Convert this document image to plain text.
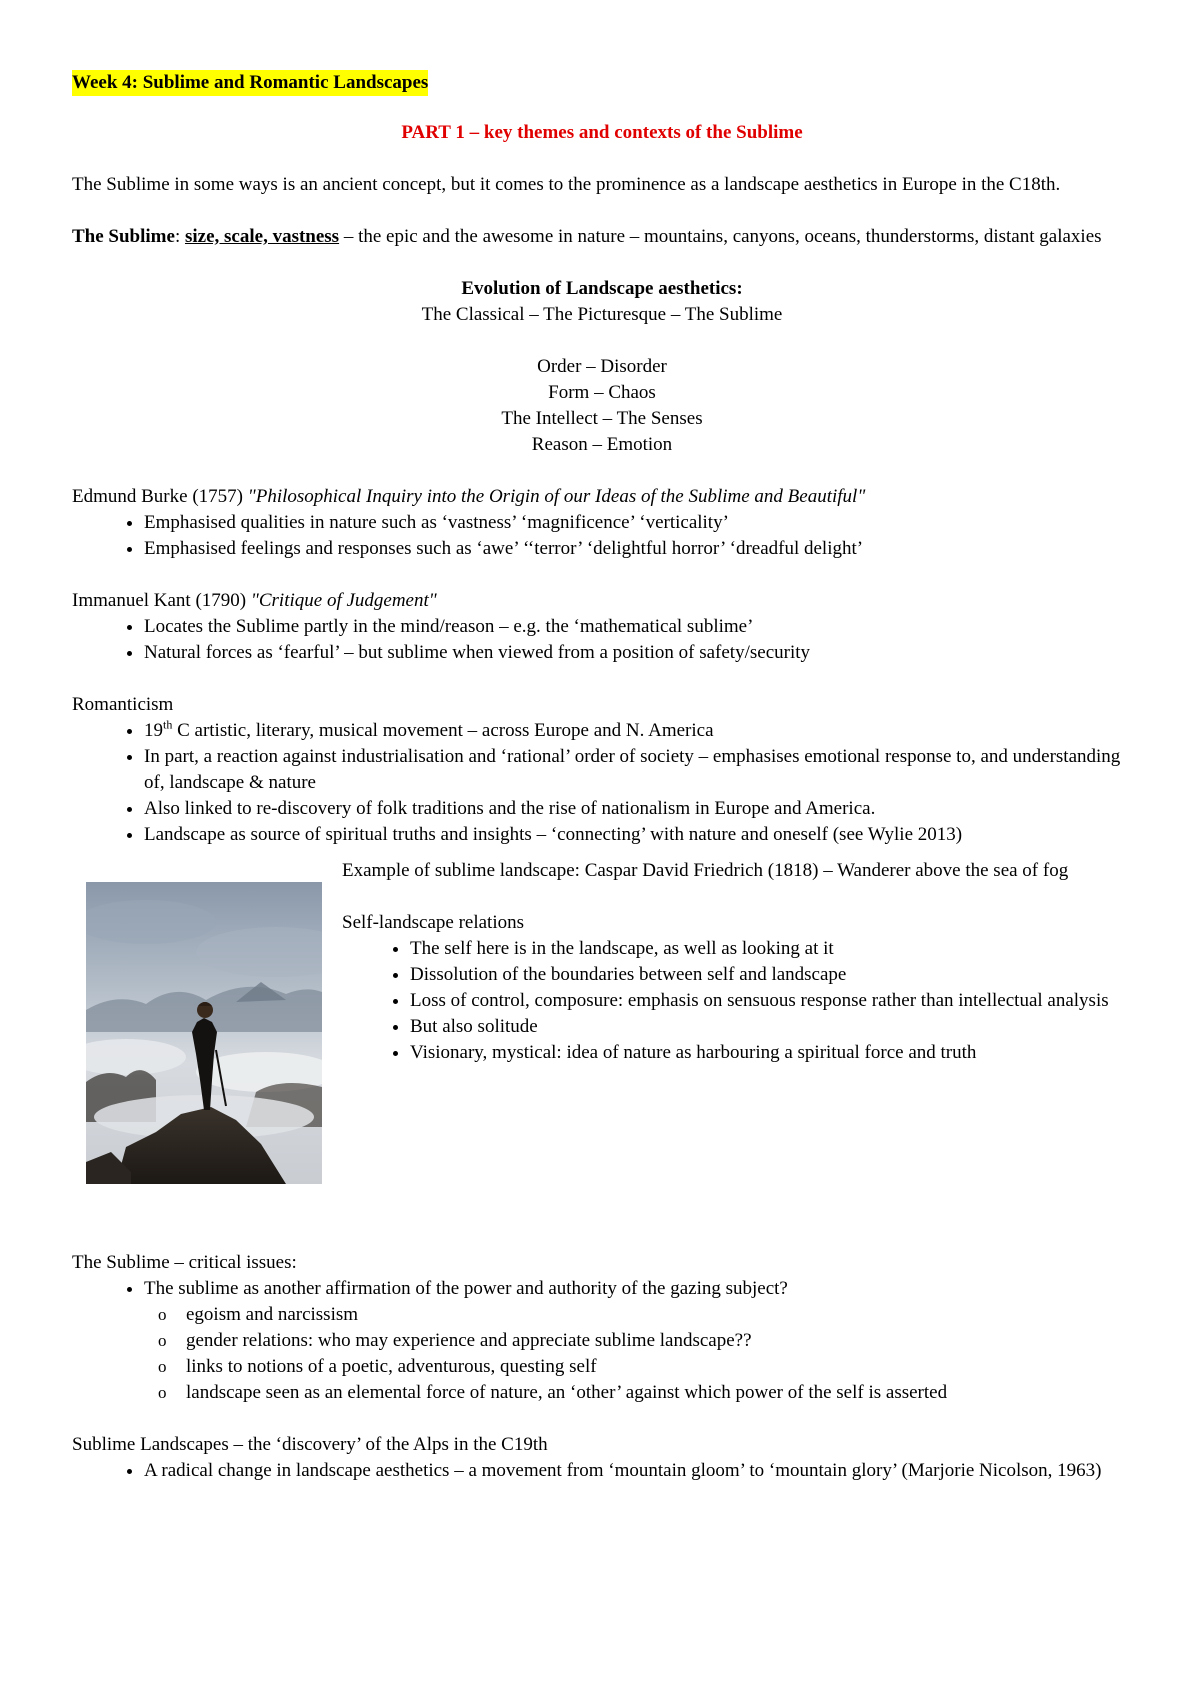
Week 4: Sublime and Romantic Landscapes

PART 1 – key themes and contexts of the Sublime

The Sublime in some ways is an ancient concept, but it comes to the prominence as a landscape aesthetics in Europe in the C18th.

The Sublime: size, scale, vastness – the epic and the awesome in nature – mountains, canyons, oceans, thunderstorms, distant galaxies

Evolution of Landscape aesthetics:

The Classical – The Picturesque – The Sublime

Order – Disorder

Form – Chaos

The Intellect – The Senses

Reason – Emotion

Edmund Burke (1757) "Philosophical Inquiry into the Origin of our Ideas of the Sublime and Beautiful"

• Emphasised qualities in nature such as ‘vastness’ ‘magnificence’ ‘verticality’
• Emphasised feelings and responses such as ‘awe’ ‘‘terror’ ‘delightful horror’ ‘dreadful delight’

Immanuel Kant (1790) "Critique of Judgement"

• Locates the Sublime partly in the mind/reason – e.g. the ‘mathematical sublime’
• Natural forces as ‘fearful’ – but sublime when viewed from a position of safety/security

Romanticism

• 19th C artistic, literary, musical movement – across Europe and N. America
• In part, a reaction against industrialisation and ‘rational’ order of society – emphasises emotional response to, and understanding of, landscape & nature
• Also linked to re-discovery of folk traditions and the rise of nationalism in Europe and America.
• Landscape as source of spiritual truths and insights – ‘connecting’ with nature and oneself (see Wylie 2013)

Example of sublime landscape: Caspar David Friedrich (1818) – Wanderer above the sea of fog

Self-landscape relations

• The self here is in the landscape, as well as looking at it
• Dissolution of the boundaries between self and landscape
• Loss of control, composure: emphasis on sensuous response rather than intellectual analysis
• But also solitude
• Visionary, mystical: idea of nature as harbouring a spiritual force and truth

The Sublime – critical issues:

• The sublime as another affirmation of the power and authority of the gazing subject?
o egoism and narcissism
o gender relations: who may experience and appreciate sublime landscape??
o links to notions of a poetic, adventurous, questing self
o landscape seen as an elemental force of nature, an ‘other’ against which power of the self is asserted

Sublime Landscapes – the ‘discovery’ of the Alps in the C19th

• A radical change in landscape aesthetics – a movement from ‘mountain gloom’ to ‘mountain glory’ (Marjorie Nicolson, 1963)
